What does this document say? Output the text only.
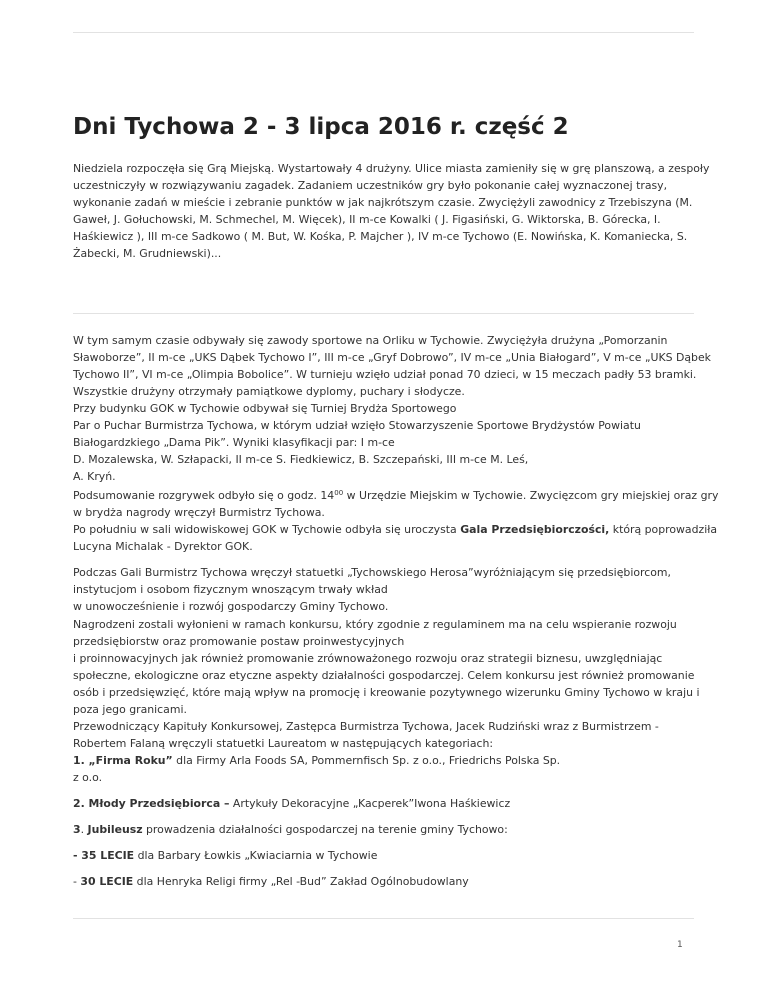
Dni Tychowa 2 - 3 lipca 2016 r. część 2
Niedziela rozpoczęła się Grą Miejską. Wystartowały 4 drużyny. Ulice miasta zamieniły się w grę planszową, a zespoły
uczestniczyły w rozwiązywaniu zagadek. Zadaniem uczestników gry było pokonanie całej wyznaczonej trasy,
wykonanie zadań w mieście i zebranie punktów w jak najkrótszym czasie. Zwyciężyli zawodnicy z Trzebiszyna (M.
Gaweł, J. Gołuchowski, M. Schmechel, M. Więcek), II m-ce Kowalki ( J. Figasiński, G. Wiktorska, B. Górecka, I.
Haśkiewicz ), III m-ce Sadkowo ( M. But, W. Kośka, P. Majcher ), IV m-ce Tychowo (E. Nowińska, K. Komaniecka, S.
Żabecki, M. Grudniewski)...
W tym samym czasie odbywały się zawody sportowe na Orliku w Tychowie. Zwyciężyła drużyna „Pomorzanin
Sławoborze”, II m-ce „UKS Dąbek Tychowo I”, III m-ce „Gryf Dobrowo”, IV m-ce „Unia Białogard”, V m-ce „UKS Dąbek
Tychowo II”, VI m-ce „Olimpia Bobolice”. W turnieju wzięło udział ponad 70 dzieci, w 15 meczach padły 53 bramki.
Wszystkie drużyny otrzymały pamiątkowe dyplomy, puchary i słodycze.
Przy budynku GOK w Tychowie odbywał się Turniej Brydża Sportowego
Par o Puchar Burmistrza Tychowa, w którym udział wzięło Stowarzyszenie Sportowe Brydżystów Powiatu
Białogardzkiego „Dama Pik”. Wyniki klasyfikacji par: I m-ce
D. Mozalewska, W. Szłapacki, II m-ce S. Fiedkiewicz, B. Szczepański, III m-ce M. Leś,
A. Kryń.
Podsumowanie rozgrywek odbyło się o godz. $14^{00}$ w Urzędzie Miejskim w Tychowie. Zwycięzcom gry miejskiej oraz gry
w brydża nagrody wręczył Burmistrz Tychowa.
Po południu w sali widowiskowej GOK w Tychowie odbyła się uroczysta Gala Przedsiębiorczości, którą poprowadziła
Lucyna Michalak - Dyrektor GOK.
Podczas Gali Burmistrz Tychowa wręczył statuetki „Tychowskiego Herosa”wyróżniającym się przedsiębiorcom,
instytucjom i osobom fizycznym wnoszącym trwały wkład
w unowocześnienie i rozwój gospodarczy Gminy Tychowo.
Nagrodzeni zostali wyłonieni w ramach konkursu, który zgodnie z regulaminem ma na celu wspieranie rozwoju
przedsiębiorstw oraz promowanie postaw proinwestycyjnych
i proinnowacyjnych jak również promowanie zrównoważonego rozwoju oraz strategii biznesu, uwzględniając
społeczne, ekologiczne oraz etyczne aspekty działalności gospodarczej. Celem konkursu jest również promowanie
osób i przedsięwzięć, które mają wpływ na promocję i kreowanie pozytywnego wizerunku Gminy Tychowo w kraju i
poza jego granicami.
Przewodniczący Kapituły Konkursowej, Zastępca Burmistrza Tychowa, Jacek Rudziński wraz z Burmistrzem -
Robertem Falaną wręczyli statuetki Laureatom w następujących kategoriach:
1. „Firma Roku” dla Firmy Arla Foods SA, Pommernfisch Sp. z o.o., Friedrichs Polska Sp.
z o.o.
2. Młody Przedsiębiorca – Artykuły Dekoracyjne „Kacperek”Iwona Haśkiewicz
3. Jubileusz prowadzenia działalności gospodarczej na terenie gminy Tychowo:
- 35 LECIE dla Barbary Łowkis „Kwiaciarnia w Tychowie
- 30 LECIE dla Henryka Religi firmy „Rel -Bud” Zakład Ogólnobudowlany
1
